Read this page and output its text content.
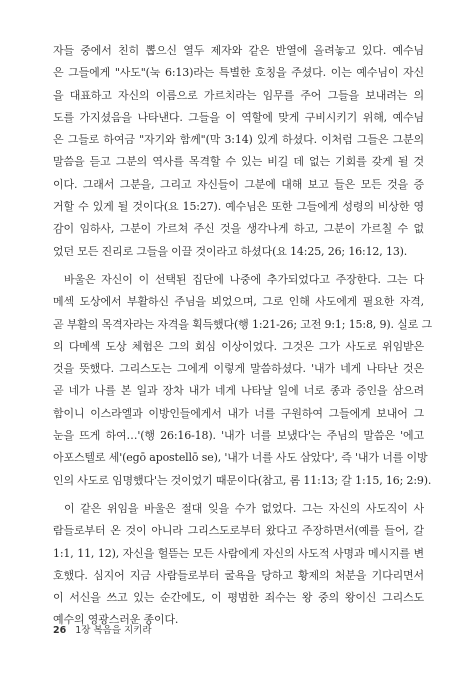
자들 중에서 친히 뽑으신 열두 제자와 같은 반열에 올려놓고 있다. 예수님
은 그들에게 "사도"(눅 6:13)라는 특별한 호칭을 주셨다. 이는 예수님이 자신
을 대표하고 자신의 이름으로 가르치라는 임무를 주어 그들을 보내려는 의
도를 가지셨음을 나타낸다. 그들을 이 역할에 맞게 구비시키기 위해, 예수님
은 그들로 하여금 "자기와 함께"(막 3:14) 있게 하셨다. 이처럼 그들은 그분의
말씀을 듣고 그분의 역사를 목격할 수 있는 비길 데 없는 기회를 갖게 될 것
이다. 그래서 그분을, 그리고 자신들이 그분에 대해 보고 들은 모든 것을 증
거할 수 있게 될 것이다(요 15:27). 예수님은 또한 그들에게 성령의 비상한 영
감이 임하사, 그분이 가르쳐 주신 것을 생각나게 하고, 그분이 가르칠 수 없
었던 모든 진리로 그들을 이끌 것이라고 하셨다(요 14:25, 26; 16:12, 13).
바울은 자신이 이 선택된 집단에 나중에 추가되었다고 주장한다. 그는 다
메섹 도상에서 부활하신 주님을 뵈었으며, 그로 인해 사도에게 필요한 자격,
곧 부활의 목격자라는 자격을 획득했다(행 1:21-26; 고전 9:1; 15:8, 9). 실로 그
의 다메섹 도상 체험은 그의 회심 이상이었다. 그것은 그가 사도로 위임받은
것을 뜻했다. 그리스도는 그에게 이렇게 말씀하셨다. '내가 네게 나타난 것은
곧 네가 나를 본 일과 장차 내가 네게 나타날 일에 너로 종과 증인을 삼으려
함이니 이스라엘과 이방인들에게서 내가 너를 구원하여 그들에게 보내어 그
눈을 뜨게 하여…'(행 26:16-18). '내가 너를 보냈다'는 주님의 말씀은 '에고
아포스텔로 세'(egō apostellō se), '내가 너를 사도 삼았다', 즉 '내가 너를 이방
인의 사도로 임명했다'는 것이었기 때문이다(참고, 롬 11:13; 갈 1:15, 16; 2:9).
이 같은 위임을 바울은 절대 잊을 수가 없었다. 그는 자신의 사도직이 사
람들로부터 온 것이 아니라 그리스도로부터 왔다고 주장하면서(예를 들어, 갈
1:1, 11, 12), 자신을 헐뜯는 모든 사람에게 자신의 사도적 사명과 메시지를 변
호했다. 심지어 지금 사람들로부터 굴욕을 당하고 황제의 처분을 기다리면서
이 서신을 쓰고 있는 순간에도, 이 평범한 죄수는 왕 중의 왕이신 그리스도
예수의 영광스러운 종이다.
26 1장 복음을 지키라
